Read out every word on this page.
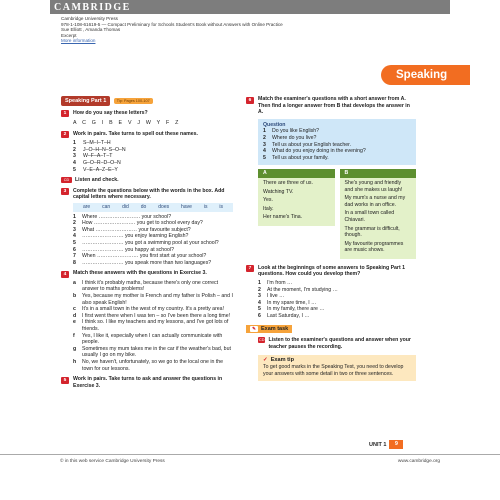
CAMBRIDGE
Cambridge University Press
978-1-108-61619-5 — Compact Preliminary for Schools Student's Book without Answers with Online Practice
Sue Elliott , Amanda Thomas
Excerpt
More information
Speaking
Speaking Part 1	Tip: Pages 100-107
1	How do you say these letters?
A C G I B E V J W Y F Z
2	Work in pairs. Take turns to spell out these names.
1	S–M–I–T–H
2	J–O–H–N–S–O–N
3	W–F–A–T–T
4	G–O–R–D–O–N
5	V–E–A–Z–E–Y
CD	Listen and check.
3	Complete the questions below with the words in the box. Add capital letters where necessary.
are can did do does have is is
1	Where …………………… your school?
2	How …………………… you get to school every day?
3	What …………………… your favourite subject?
4	…………………… you enjoy learning English?
5	…………………… you got a swimming pool at your school?
6	…………………… you happy at school?
7	When …………………… you first start at your school?
8	…………………… you speak more than two languages?
4	Match these answers with the questions in Exercise 3.
a	I think it's probably maths, because there's only one correct answer to maths problems!
b	Yes, because my mother is French and my father is Polish – and I also speak English!
c	It's in a small town in the west of my country. It's a pretty area!
d	I first went there when I was ten – so I've been there a long time!
e	I think so. I like my teachers and my lessons, and I've got lots of friends.
f	Yes, I like it, especially when I can actually communicate with people.
g	Sometimes my mum takes me in the car if the weather's bad, but usually I go on my bike.
h	No, we haven't, unfortunately, so we go to the local one in the town for our lessons.
5	Work in pairs. Take turns to ask and answer the questions in Exercise 3.
6	Match the examiner's questions with a short answer from A. Then find a longer answer from B that develops the answer in A.
Question
1	Do you like English?
2	Where do you live?
3	Tell us about your English teacher.
4	What do you enjoy doing in the evening?
5	Tell us about your family.
A
There are three of us.
Watching TV.
Yes.
Italy.
Her name's Tina.
B
She's young and friendly and she makes us laugh!
My mum's a nurse and my dad works in an office.
In a small town called Chiavari.
The grammar is difficult, though.
My favourite programmes are music shows.
7	Look at the beginnings of some answers to Speaking Part 1 questions. How could you develop them?
1	I'm from …
2	At the moment, I'm studying …
3	I live …
4	In my spare time, I …
5	In my family, there are …
6	Last Saturday, I …
✎ Exam task
CD Listen to the examiner's questions and answer when your teacher pauses the recording.
✓ Exam tip
To get good marks in the Speaking Test, you need to develop your answers with some detail in two or three sentences.
UNIT 1	9
© in this web service Cambridge University Press	www.cambridge.org
